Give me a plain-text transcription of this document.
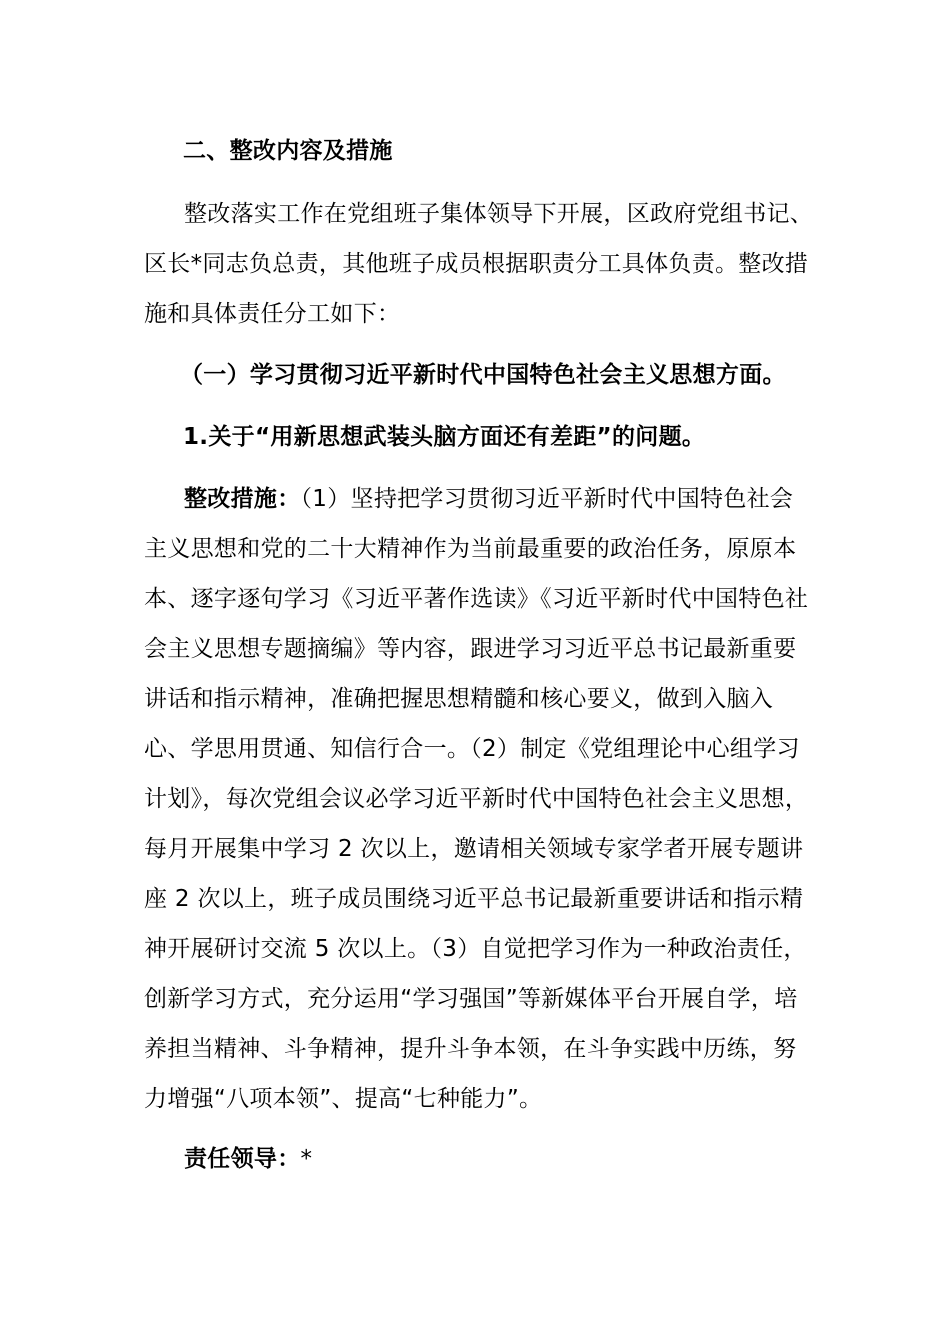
二、整改内容及措施

整改落实工作在党组班子集体领导下开展，区政府党组书记、区长*同志负总责，其他班子成员根据职责分工具体负责。整改措施和具体责任分工如下：

（一）学习贯彻习近平新时代中国特色社会主义思想方面。

1.关于“用新思想武装头脑方面还有差距”的问题。

整改措施：（1）坚持把学习贯彻习近平新时代中国特色社会主义思想和党的二十大精神作为当前最重要的政治任务，原原本本、逐字逐句学习《习近平著作选读》《习近平新时代中国特色社会主义思想专题摘编》等内容，跟进学习习近平总书记最新重要讲话和指示精神，准确把握思想精髓和核心要义，做到入脑入心、学思用贯通、知信行合一。（2）制定《党组理论中心组学习计划》，每次党组会议必学习近平新时代中国特色社会主义思想，每月开展集中学习 2 次以上，邀请相关领域专家学者开展专题讲座 2 次以上，班子成员围绕习近平总书记最新重要讲话和指示精神开展研讨交流 5 次以上。（3）自觉把学习作为一种政治责任，创新学习方式，充分运用“学习强国”等新媒体平台开展自学，培养担当精神、斗争精神，提升斗争本领，在斗争实践中历练，努力增强“八项本领”、提高“七种能力”。

责任领导：*
